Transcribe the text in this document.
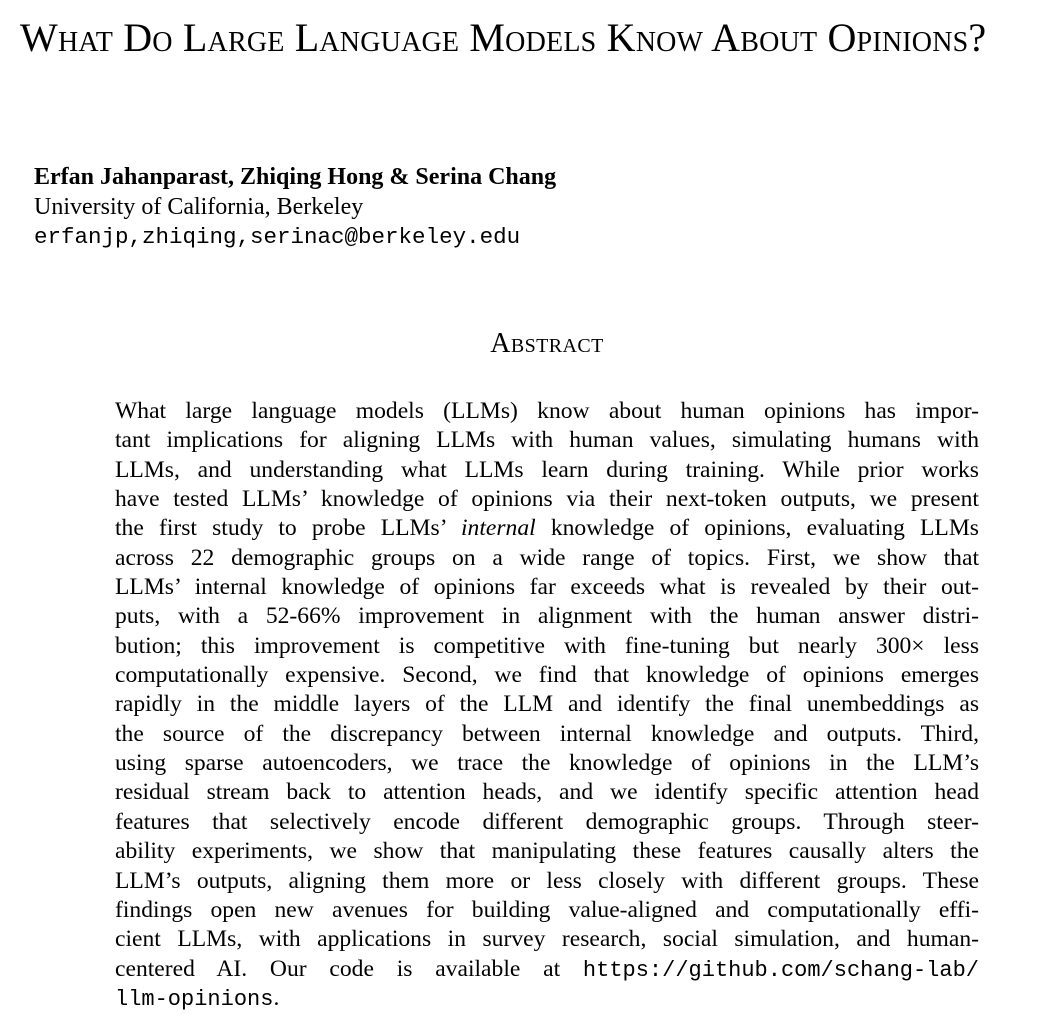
What Do Large Language Models Know About Opinions?
Erfan Jahanparast, Zhiqing Hong & Serina Chang
University of California, Berkeley
erfanjp,zhiqing,serinac@berkeley.edu
Abstract
What large language models (LLMs) know about human opinions has impor-
tant implications for aligning LLMs with human values, simulating humans with
LLMs, and understanding what LLMs learn during training. While prior works
have tested LLMs’ knowledge of opinions via their next-token outputs, we present
the first study to probe LLMs’ internal knowledge of opinions, evaluating LLMs
across 22 demographic groups on a wide range of topics. First, we show that
LLMs’ internal knowledge of opinions far exceeds what is revealed by their out-
puts, with a 52-66% improvement in alignment with the human answer distri-
bution; this improvement is competitive with fine-tuning but nearly 300× less
computationally expensive. Second, we find that knowledge of opinions emerges
rapidly in the middle layers of the LLM and identify the final unembeddings as
the source of the discrepancy between internal knowledge and outputs. Third,
using sparse autoencoders, we trace the knowledge of opinions in the LLM’s
residual stream back to attention heads, and we identify specific attention head
features that selectively encode different demographic groups. Through steer-
ability experiments, we show that manipulating these features causally alters the
LLM’s outputs, aligning them more or less closely with different groups. These
findings open new avenues for building value-aligned and computationally effi-
cient LLMs, with applications in survey research, social simulation, and human-
centered AI. Our code is available at https://github.com/schang-lab/
llm-opinions.
